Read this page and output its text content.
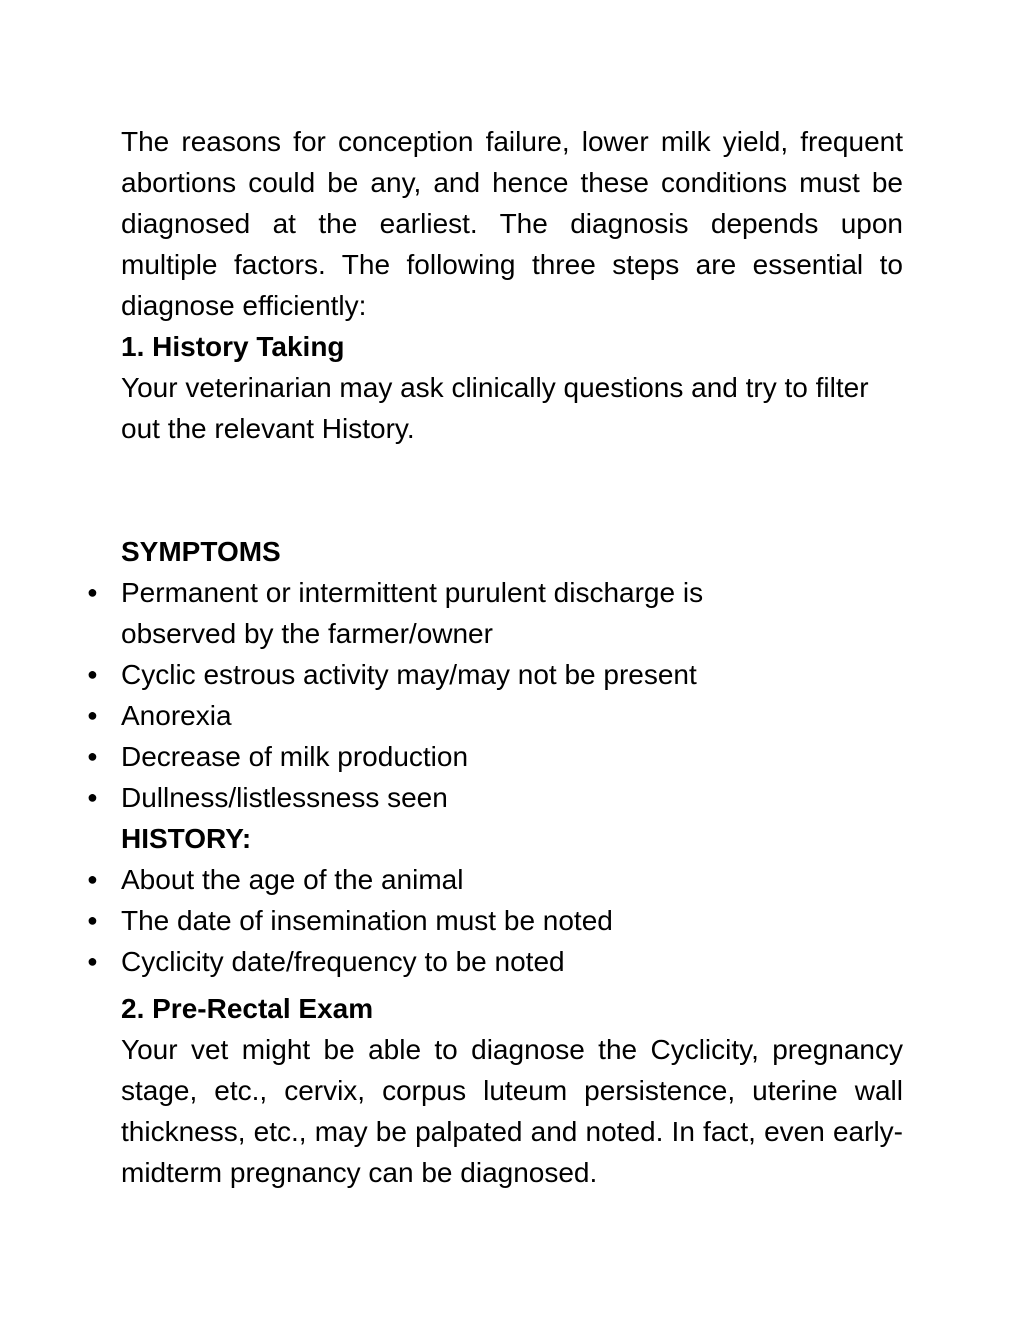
The reasons for conception failure, lower milk yield, frequent abortions could be any, and hence these conditions must be diagnosed at the earliest. The diagnosis depends upon multiple factors. The following three steps are essential to diagnose efficiently:

1. History Taking

Your veterinarian may ask clinically questions and try to filter out the relevant History.

SYMPTOMS

● Permanent or intermittent purulent discharge is observed by the farmer/owner
● Cyclic estrous activity may/may not be present
● Anorexia
● Decrease of milk production
● Dullness/listlessness seen

HISTORY:

● About the age of the animal
● The date of insemination must be noted
● Cyclicity date/frequency to be noted

2. Pre-Rectal Exam

Your vet might be able to diagnose the Cyclicity, pregnancy stage, etc., cervix, corpus luteum persistence, uterine wall thickness, etc., may be palpated and noted. In fact, even early-midterm pregnancy can be diagnosed.
